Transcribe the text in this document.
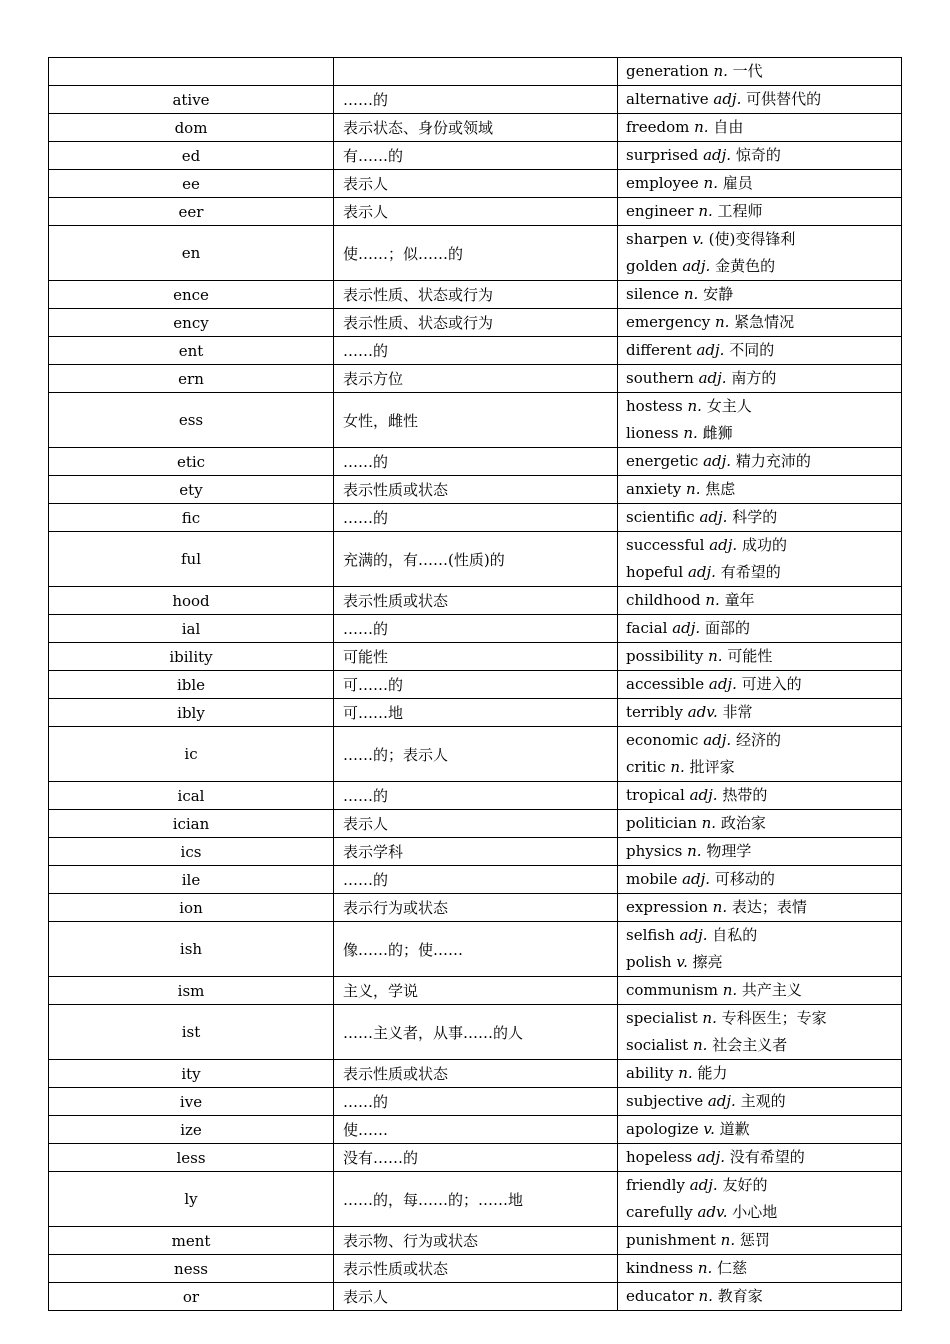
		generation n. 一代

ative	……的	alternative adj. 可供替代的

dom	表示状态、身份或领域	freedom n. 自由

ed	有……的	surprised adj. 惊奇的

ee	表示人	employee n. 雇员

eer	表示人	engineer n. 工程师

en	使……；似……的	sharpen v. (使)变得锋利
golden adj. 金黄色的

ence	表示性质、状态或行为	silence n. 安静

ency	表示性质、状态或行为	emergency n. 紧急情况

ent	……的	different adj. 不同的

ern	表示方位	southern adj. 南方的

ess	女性，雌性	hostess n. 女主人
lioness n. 雌狮

etic	……的	energetic adj. 精力充沛的

ety	表示性质或状态	anxiety n. 焦虑

fic	……的	scientific adj. 科学的

ful	充满的，有……(性质)的	successful adj. 成功的
hopeful adj. 有希望的

hood	表示性质或状态	childhood n. 童年

ial	……的	facial adj. 面部的

ibility	可能性	possibility n. 可能性

ible	可……的	accessible adj. 可进入的

ibly	可……地	terribly adv. 非常

ic	……的；表示人	economic adj. 经济的
critic n. 批评家

ical	……的	tropical adj. 热带的

ician	表示人	politician n. 政治家

ics	表示学科	physics n. 物理学

ile	……的	mobile adj. 可移动的

ion	表示行为或状态	expression n. 表达；表情

ish	像……的；使……	selfish adj. 自私的
polish v. 擦亮

ism	主义，学说	communism n. 共产主义

ist	……主义者，从事……的人	specialist n. 专科医生；专家
socialist n. 社会主义者

ity	表示性质或状态	ability n. 能力

ive	……的	subjective adj. 主观的

ize	使……	apologize v. 道歉

less	没有……的	hopeless adj. 没有希望的

ly	……的，每……的；……地	friendly adj. 友好的
carefully adv. 小心地

ment	表示物、行为或状态	punishment n. 惩罚

ness	表示性质或状态	kindness n. 仁慈

or	表示人	educator n. 教育家
